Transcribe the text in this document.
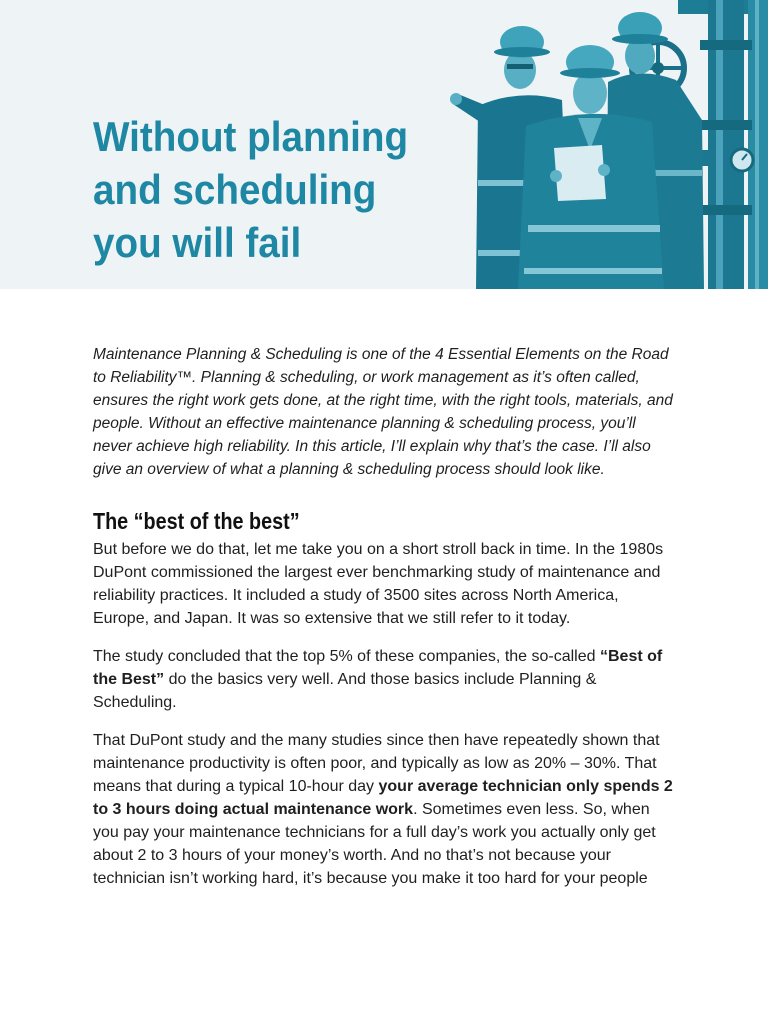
Without planning
and scheduling
you will fail

Maintenance Planning & Scheduling is one of the 4 Essential Elements on the Road to Reliability™. Planning & scheduling, or work management as it’s often called, ensures the right work gets done, at the right time, with the right tools, materials, and people. Without an effective maintenance planning & scheduling process, you’ll never achieve high reliability. In this article, I’ll explain why that’s the case. I’ll also give an overview of what a planning & scheduling process should look like.

The “best of the best”

But before we do that, let me take you on a short stroll back in time. In the 1980s DuPont commissioned the largest ever benchmarking study of maintenance and reliability practices. It included a study of 3500 sites across North America, Europe, and Japan. It was so extensive that we still refer to it today.

The study concluded that the top 5% of these companies, the so-called “Best of the Best” do the basics very well. And those basics include Planning & Scheduling.

That DuPont study and the many studies since then have repeatedly shown that maintenance productivity is often poor, and typically as low as 20% – 30%. That means that during a typical 10-hour day your average technician only spends 2 to 3 hours doing actual maintenance work. Sometimes even less. So, when you pay your maintenance technicians for a full day’s work you actually only get about 2 to 3 hours of your money’s worth. And no that’s not because your technician isn’t working hard, it’s because you make it too hard for your people
